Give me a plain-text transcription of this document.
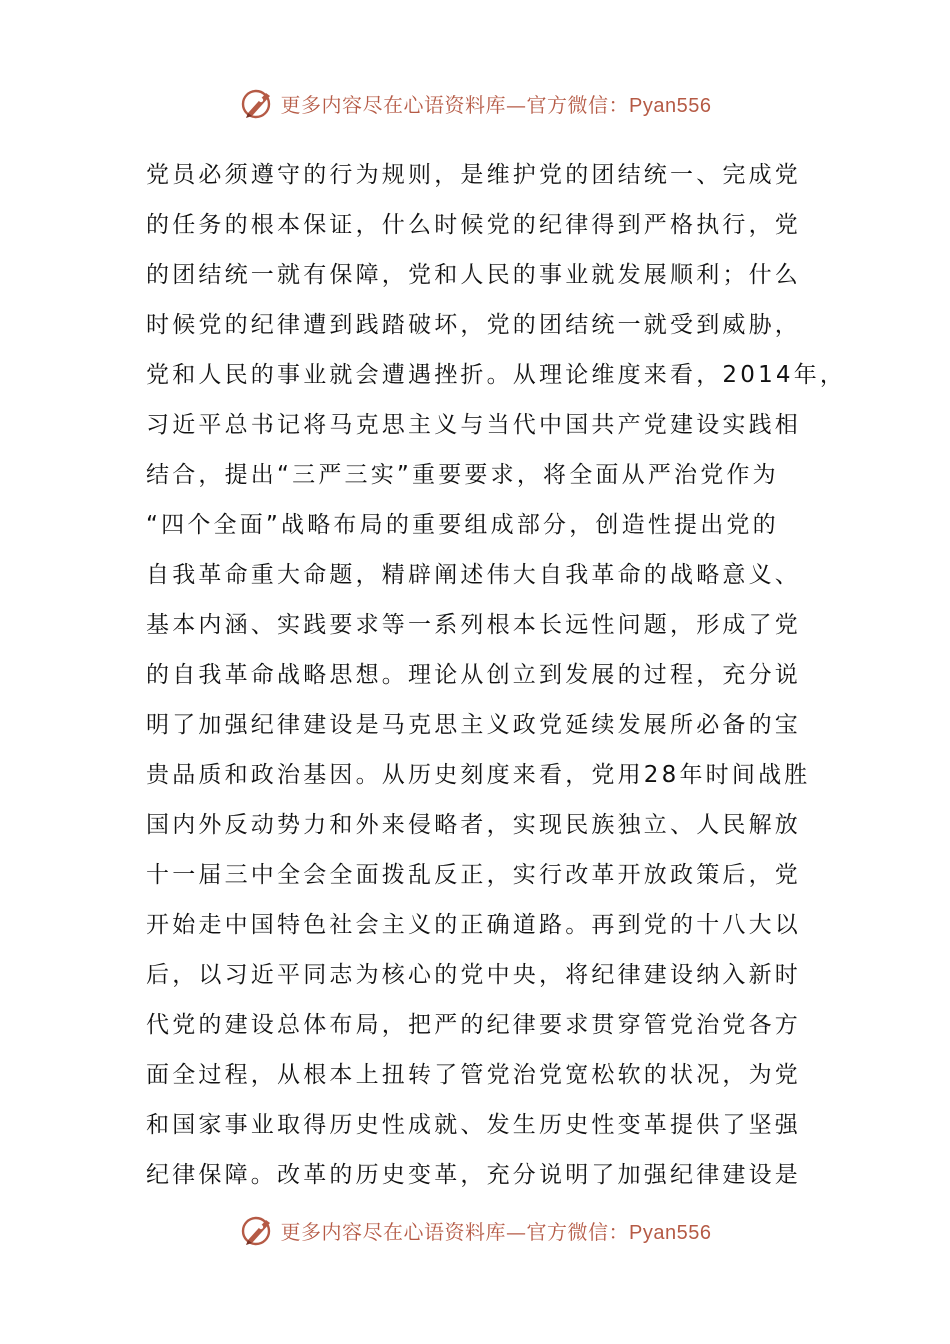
更多内容尽在心语资料库—官方微信：Pyan556
党员必须遵守的行为规则，是维护党的团结统一、完成党
的任务的根本保证，什么时候党的纪律得到严格执行，党
的团结统一就有保障，党和人民的事业就发展顺利；什么
时候党的纪律遭到践踏破坏，党的团结统一就受到威胁，
党和人民的事业就会遭遇挫折。从理论维度来看，2014年，
习近平总书记将马克思主义与当代中国共产党建设实践相
结合，提出“三严三实”重要要求，将全面从严治党作为
“四个全面”战略布局的重要组成部分，创造性提出党的
自我革命重大命题，精辟阐述伟大自我革命的战略意义、
基本内涵、实践要求等一系列根本长远性问题，形成了党
的自我革命战略思想。理论从创立到发展的过程，充分说
明了加强纪律建设是马克思主义政党延续发展所必备的宝
贵品质和政治基因。从历史刻度来看，党用28年时间战胜
国内外反动势力和外来侵略者，实现民族独立、人民解放
十一届三中全会全面拨乱反正，实行改革开放政策后，党
开始走中国特色社会主义的正确道路。再到党的十八大以
后，以习近平同志为核心的党中央，将纪律建设纳入新时
代党的建设总体布局，把严的纪律要求贯穿管党治党各方
面全过程，从根本上扭转了管党治党宽松软的状况，为党
和国家事业取得历史性成就、发生历史性变革提供了坚强
纪律保障。改革的历史变革，充分说明了加强纪律建设是
更多内容尽在心语资料库—官方微信：Pyan556
